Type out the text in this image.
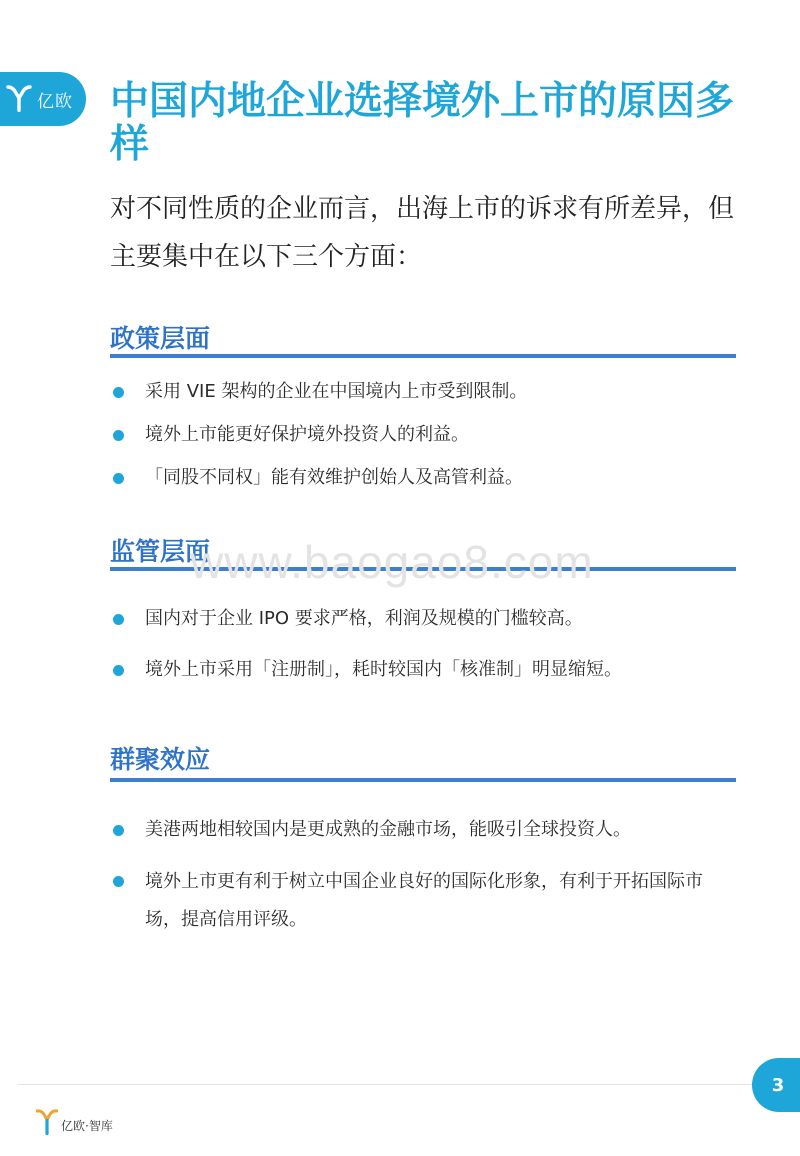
亿欧 中国内地企业选择境外上市的原因多样

对不同性质的企业而言，出海上市的诉求有所差异，但主要集中在以下三个方面：

政策层面
采用 VIE 架构的企业在中国境内上市受到限制。
境外上市能更好保护境外投资人的利益。
「同股不同权」能有效维护创始人及高管利益。
监管层面
国内对于企业 IPO 要求严格，利润及规模的门槛较高。
境外上市采用「注册制」，耗时较国内「核准制」明显缩短。
群聚效应
美港两地相较国内是更成熟的金融市场，能吸引全球投资人。
境外上市更有利于树立中国企业良好的国际化形象，有利于开拓国际市场，提高信用评级。
www.baogao8.com
3
亿欧·智库
